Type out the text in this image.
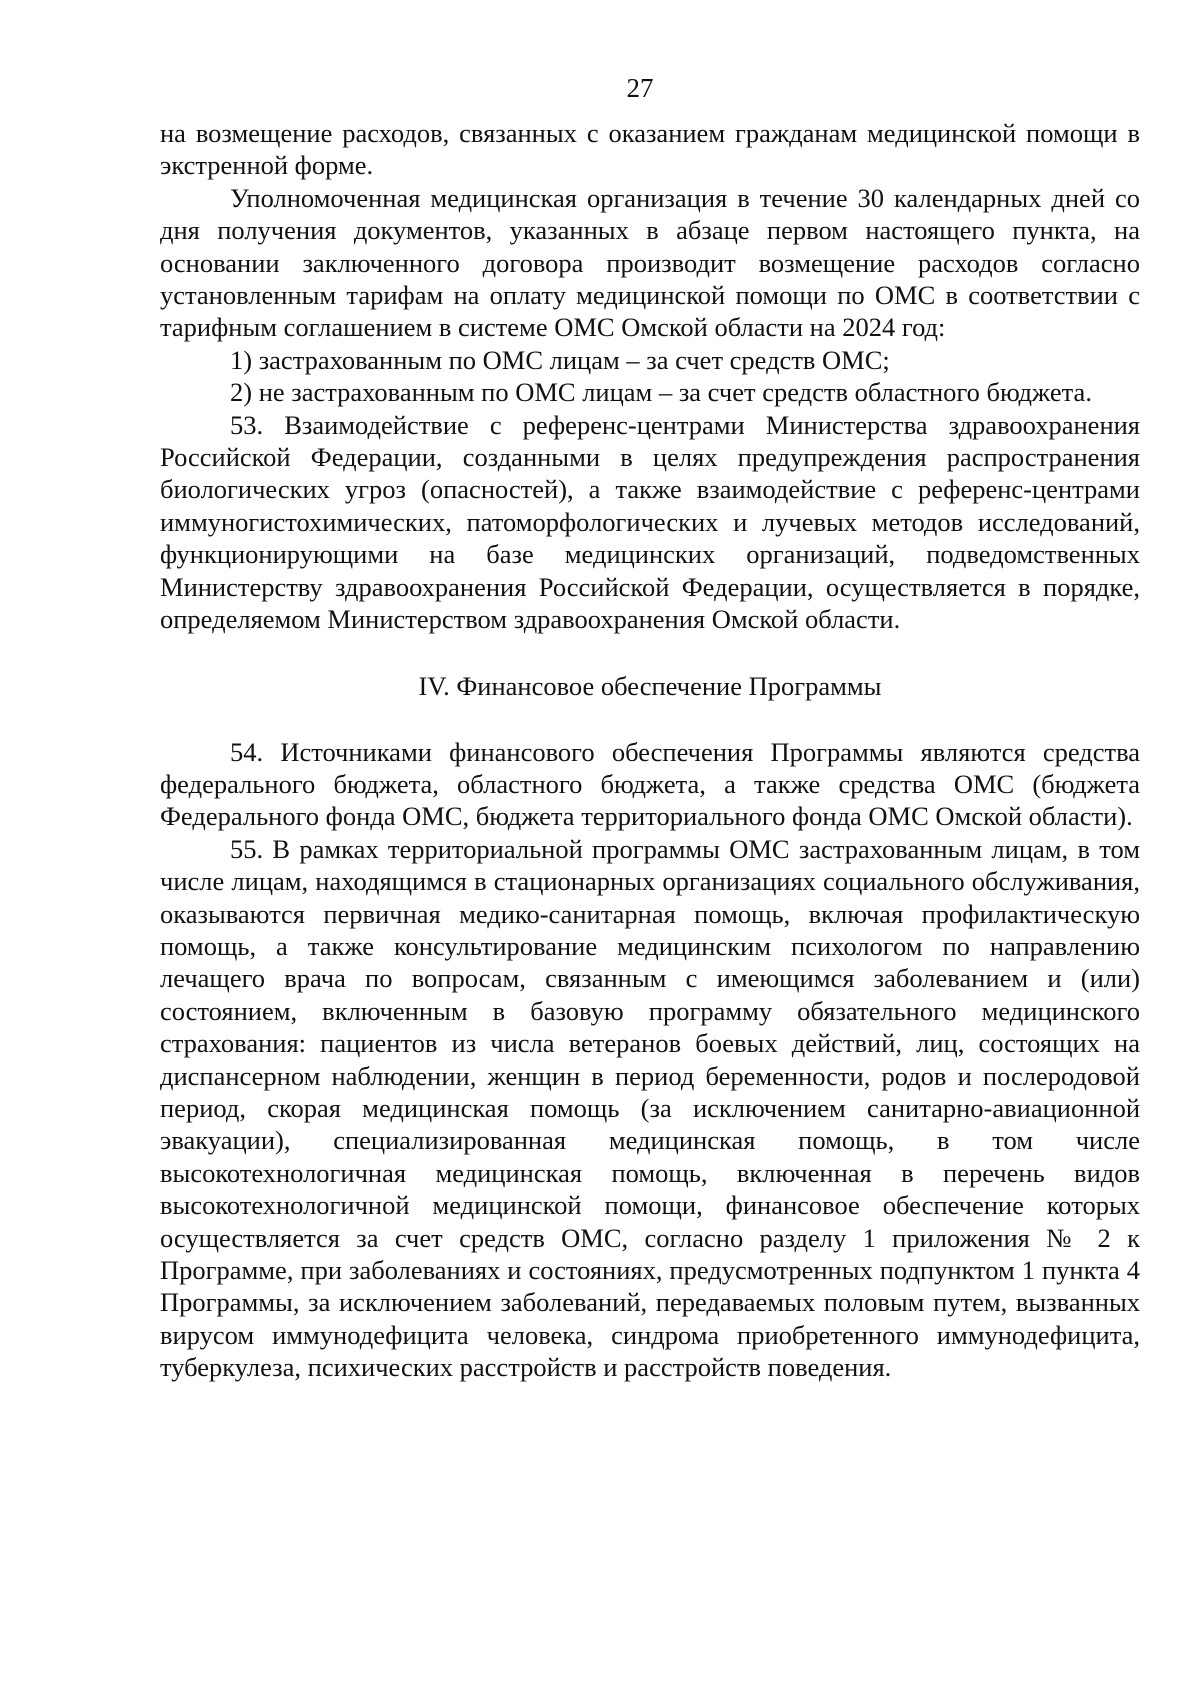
27

на возмещение расходов, связанных с оказанием гражданам медицинской помощи в экстренной форме.

Уполномоченная медицинская организация в течение 30 календарных дней со дня получения документов, указанных в абзаце первом настоящего пункта, на основании заключенного договора производит возмещение расходов согласно установленным тарифам на оплату медицинской помощи по ОМС в соответствии с тарифным соглашением в системе ОМС Омской области на 2024 год:

1) застрахованным по ОМС лицам – за счет средств ОМС;

2) не застрахованным по ОМС лицам – за счет средств областного бюджета.

53. Взаимодействие с референс-центрами Министерства здравоохранения Российской Федерации, созданными в целях предупреждения распространения биологических угроз (опасностей), а также взаимодействие с референс-центрами иммуногистохимических, патоморфологических и лучевых методов исследований, функционирующими на базе медицинских организаций, подведомственных Министерству здравоохранения Российской Федерации, осуществляется в порядке, определяемом Министерством здравоохранения Омской области.

IV. Финансовое обеспечение Программы

54. Источниками финансового обеспечения Программы являются средства федерального бюджета, областного бюджета, а также средства ОМС (бюджета Федерального фонда ОМС, бюджета территориального фонда ОМС Омской области).

55. В рамках территориальной программы ОМС застрахованным лицам, в том числе лицам, находящимся в стационарных организациях социального обслуживания, оказываются первичная медико-санитарная помощь, включая профилактическую помощь, а также консультирование медицинским психологом по направлению лечащего врача по вопросам, связанным с имеющимся заболеванием и (или) состоянием, включенным в базовую программу обязательного медицинского страхования: пациентов из числа ветеранов боевых действий, лиц, состоящих на диспансерном наблюдении, женщин в период беременности, родов и послеродовой период, скорая медицинская помощь (за исключением санитарно-авиационной эвакуации), специализированная медицинская помощь, в том числе высокотехнологичная медицинская помощь, включенная в перечень видов высокотехнологичной медицинской помощи, финансовое обеспечение которых осуществляется за счет средств ОМС, согласно разделу 1 приложения № 2 к Программе, при заболеваниях и состояниях, предусмотренных подпунктом 1 пункта 4 Программы, за исключением заболеваний, передаваемых половым путем, вызванных вирусом иммунодефицита человека, синдрома приобретенного иммунодефицита, туберкулеза, психических расстройств и расстройств поведения.
